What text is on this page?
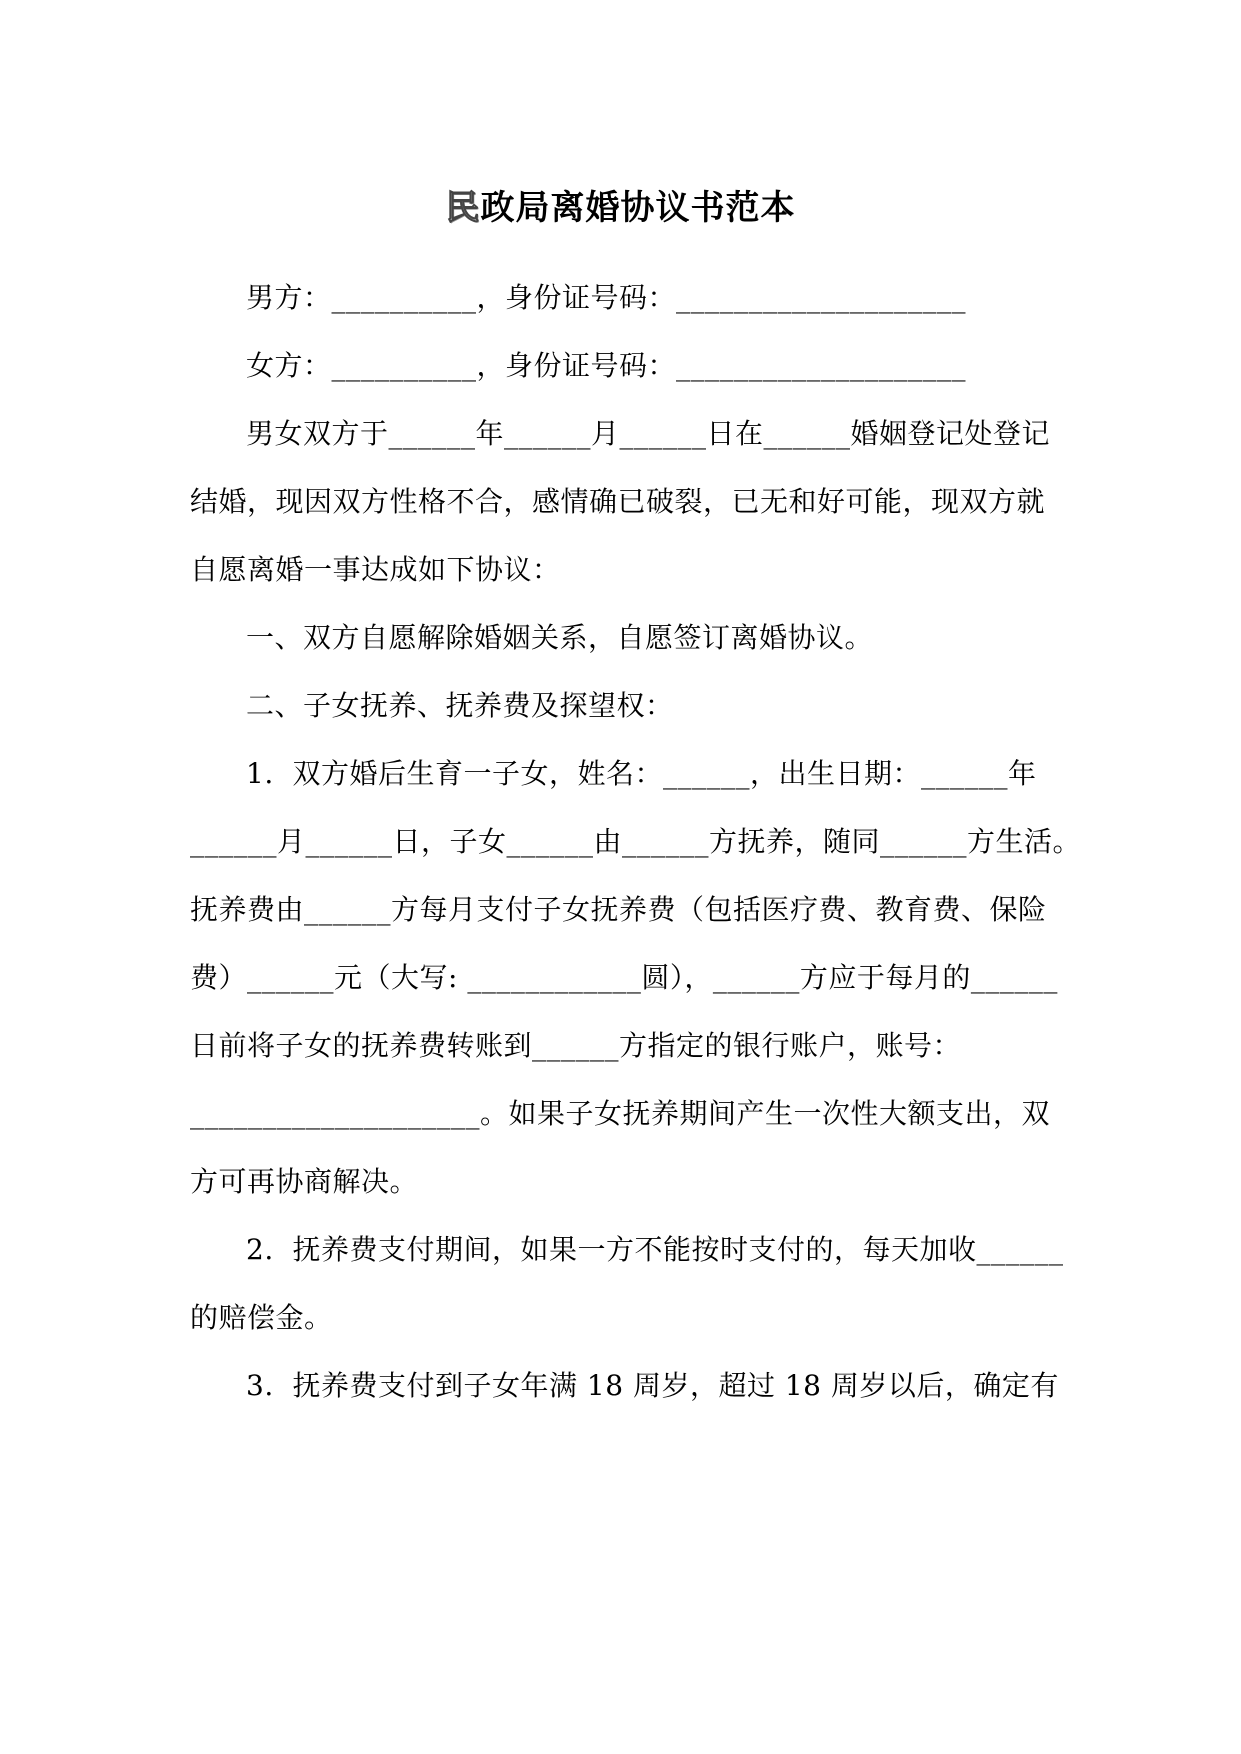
民政局离婚协议书范本
男方：__________，身份证号码：____________________
女方：__________，身份证号码：____________________
男女双方于______年______月______日在______婚姻登记处登记
结婚，现因双方性格不合，感情确已破裂，已无和好可能，现双方就
自愿离婚一事达成如下协议：
一、双方自愿解除婚姻关系，自愿签订离婚协议。
二、子女抚养、抚养费及探望权：
1.  双方婚后生育一子女，姓名：______，出生日期：______年
______月______日，子女______由______方抚养，随同______方生活。
抚养费由______方每月支付子女抚养费（包括医疗费、教育费、保险
费）______元（大写: ____________圆），______方应于每月的______
日前将子女的抚养费转账到______方指定的银行账户，账号：
____________________。如果子女抚养期间产生一次性大额支出，双
方可再协商解决。
2.  抚养费支付期间，如果一方不能按时支付的，每天加收______
的赔偿金。
3.  抚养费支付到子女年满 18 周岁，超过 18 周岁以后，确定有
